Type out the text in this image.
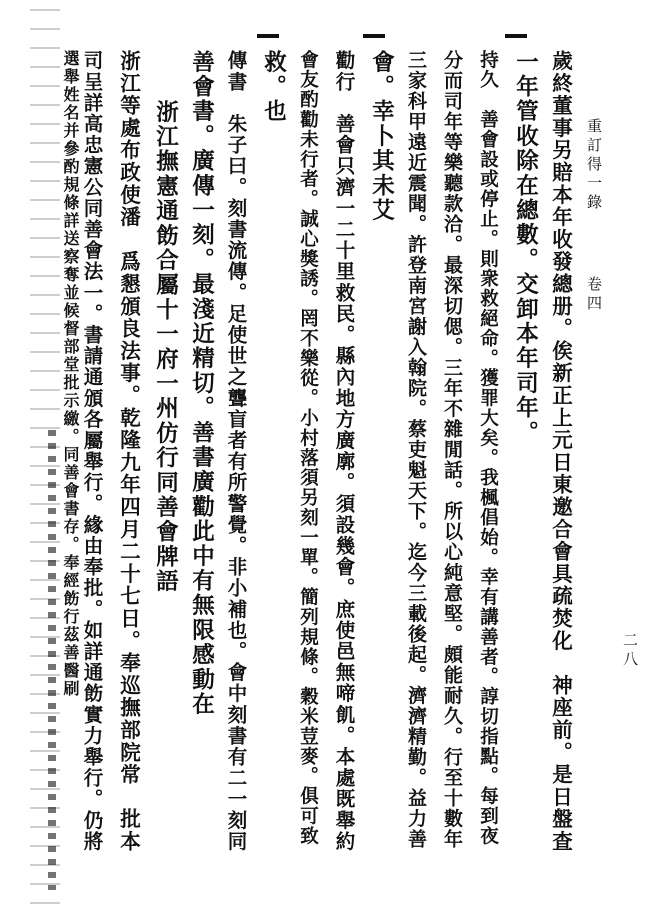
重訂得一錄
卷四
二八
歲終董事另賠本年收發總册。俟新正上元日東邀合會具疏焚化　神座前。是日盤查
一年管收除在總數。交卸本年司年。
持久　善會設或停止。則衆救絕命。獲罪大矣。我楓倡始。幸有講善者。諄切指點。每到夜
分而司年等樂聽款洽。最深切偲。三年不雜閒話。所以心純意堅。頗能耐久。行至十數年
三家科甲遠近震聞。許登南宮謝入翰院。蔡吏魁天下。迄今三載後起。濟濟精勤。益力善
會。幸卜其未艾
勸行　善會只濟一二十里救民。縣內地方廣廓。須設幾會。庶使邑無啼飢。本處既舉約
會友酌勸未行者。誠心獎誘。罔不樂從。小村落須另刻一單。簡列規條。穀米荳麥。俱可致
救。也
傳書　朱子曰。刻書流傳。足使世之聾盲者有所警覺。非小補也。會中刻書有二一刻同
善會書。廣傳一刻。最淺近精切。善書廣勸此中有無限感動在
浙江撫憲通飭合屬十一府一州仿行同善會牌語
浙江等處布政使潘　爲懇頒良法事。乾隆九年四月二十七日。奉巡撫部院常　批本
司呈詳高忠憲公同善會法一。書請通頒各屬舉行。緣由奉批。如詳通飭實力舉行。仍將
選舉姓名并參酌規條詳送察奪並候督部堂批示繳。同善會書存。奉經飭行茲善醫刷
